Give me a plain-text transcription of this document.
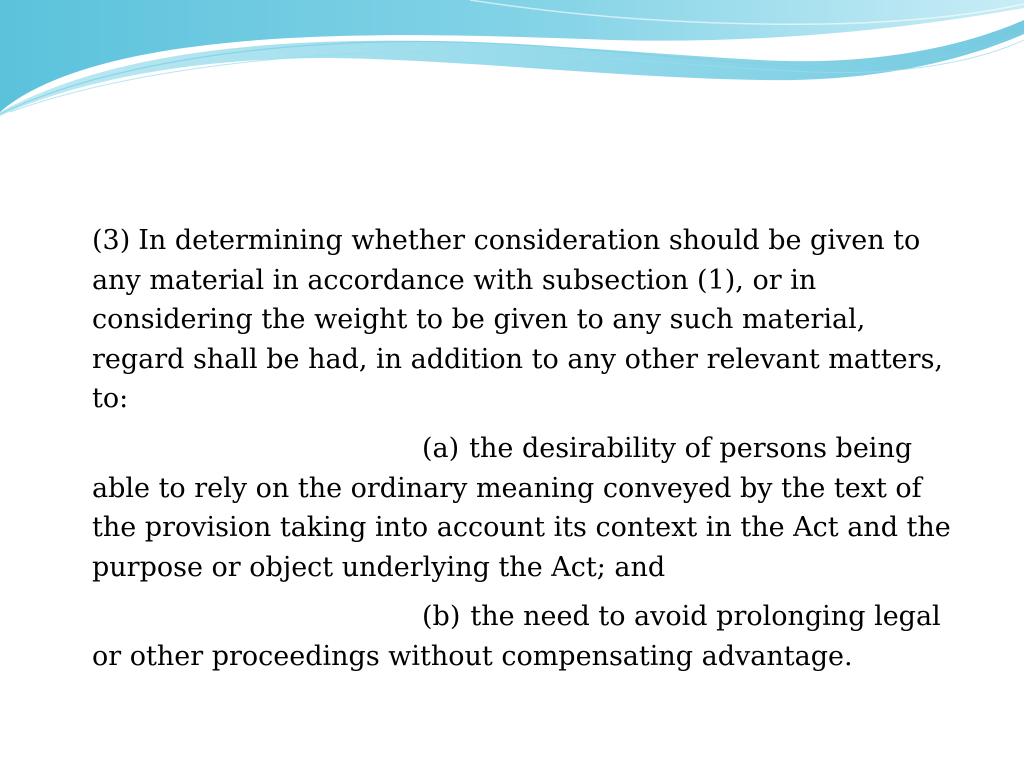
(3) In determining whether consideration should be given to any material in accordance with subsection (1), or in considering the weight to be given to any such material, regard shall be had, in addition to any other relevant matters, to:

(a) the desirability of persons being able to rely on the ordinary meaning conveyed by the text of the provision taking into account its context in the Act and the purpose or object underlying the Act; and

(b) the need to avoid prolonging legal or other proceedings without compensating advantage.
